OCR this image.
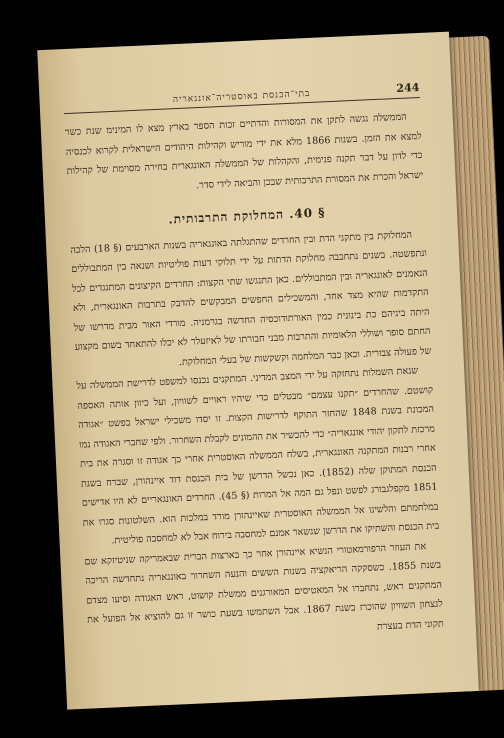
244
בתי־הכנסת באוסטריה־אונגאריה

הממשלה נגשה לתקן את המסורות והדתיים זכות הספר בארץ מצא לו המינימ שנת כשר למצא את הזמן. בשנות 1866 מלא את ידי מוריש וקהילות היהודים הישראלית לקרוא לכנסיה כדי לדון על דבר תקנה פנימית, והקהלות של הממשלה האונגארית בחירה מסוימת של קהילות ישראל והכרת את המסורת התרבותית שבכן והביאה לידי סדר.

§ 40. המחלוקת התרבותית.

המחלוקת בין מתקני הדת ובין החרדים שהתגלתה באונגאריה בשנות הארבעים (§ 18) הלכה ונתפשטה. בשנים נתחבבה מחלוקת הדתות על ידי תלוקי דעות פוליטיות ושנאה בין המתבוללים הנאמנים לאונגאריה ובין המתבוללים. כאן התנגשו שתי הקצות: החרדים הקיצונים המתנגדים לכל התקדמות שהיא מצד אחד, והמשכילים החפשים המבקשים להדבק בתרבות האונגארית, ולא היתה ביניהם כת בינונית כמין האורתודוכסיה החדשה בגרמניה. מורדי האור מבית מדרשו של החתם סופר ושוללי הלאומיות והתרבות מבני חבורתו של לאיזעלר לא יכלו להתאחד בשום מקצוע של פעולה צבורית. וכאן כבר המלחמה וקשקשות של בעלי המחלוקת.

שנאת השמלות נתחזקה על ידי המצב המדיני. המתקנים נכנסו למשפט לדרישת הממשלה על קושטם. שהחרדים ״תקנו עצמם״ מבטלים כדי שיהיו ראויים לשוויון, ועל כיוון אותה האספה המכונת בשנת 1848 שהחזר התוקף לדרישות הקצות. זו יסדו משכילי ישראל בפשט ״אגודה מרכזת לתקון יהודי אונגאריה״ כדי להכשיר את ההמונים לקבלת השחרור. ולפי שחברי האגודה נמו אחרי רבנות המתקנה האונגארית, בשלח הממשלה האוסטרית אחרי כך אגודה זו וסגרה את בית הכנסת המתוקן שלה (1852). כאן נכשל הדרשן של בית הכנסת דוד איינהורן, שברח בשנת 1851 מקפלגבורג לפשט ונפל גם המה אל המרות (§ 45). החרדים האונגאריים לא היו אדישים במלחמתם והלשינו אל הממשלה האוסטרית שאיינהורן מורד במלכות הוא. השלטונות סגרו את בית הכנסת והשתיקו את הדרשן שנשאר אמנם למחסבה בירוח אבל לא למחסבה פוליטית.

את העוזר הרפורמאטורי הנשיא איינהורן אחר כך בארצות הברית שבאמריקה שניטיזקא שם בשנת 1855. כשסקקה הריאקציה בשנות הששים והנעה השחרור באונגאריה נתחדשה הריכה המתקנים ראש, נתחברו אל המאטיסים המאורגנים ממשלת קושוט, ראש האגודה וסיעו מצדם לנצחון השוויון שהוכרז בשנת 1867. אבל השתמשו בשעת כושר זו גם להוציא אל הפועל את תקוני הדת בעצרת
